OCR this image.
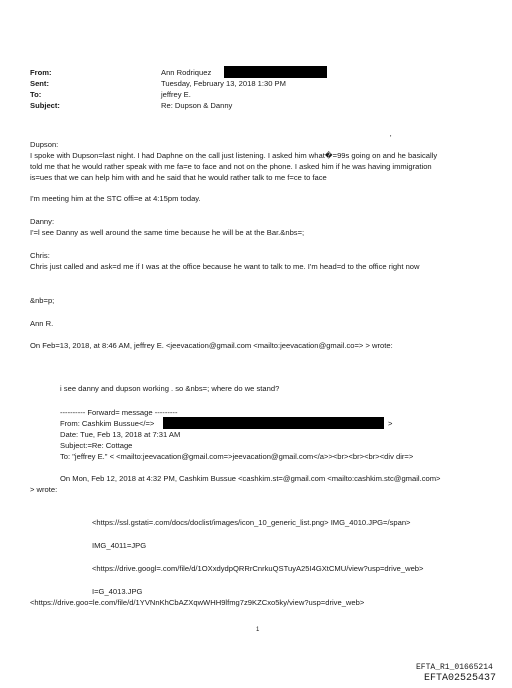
From:
Sent:
To:
Subject:
Ann Rodriquez
Tuesday, February 13, 2018 1:30 PM
jeffrey E.
Re: Dupson & Danny
'
Dupson:
I spoke with Dupson=last night. I had Daphne on the call just listening. I asked him what�=99s going on and he basically
told me that he would rather speak with me fa=e to face and not on the phone. I asked him if he was having immigration
is=ues that we can help him with and he said that he would rather talk to me f=ce to face
I'm meeting him at the STC offi=e at 4:15pm today.
Danny:
I'=l see Danny as well around the same time because he will be at the Bar.&nbs=;
Chris:
Chris just called and ask=d me if I was at the office because he want to talk to me. I'm head=d to the office right now
&nb=p;
Ann R.
On Feb=13, 2018, at 8:46 AM, jeffrey E. <jeevacation@gmail.com <mailto:jeevacation@gmail.co=> > wrote:
i see danny and dupson working . so &nbs=; where do we stand?
---------- Forward= message ---------
From: Cashkim Bussue</=>	>
Date: Tue, Feb 13, 2018 at 7:31 AM
Subject:=Re: Cottage
To: "jeffrey E." < <mailto:jeevacation@gmail.com=>jeevacation@gmail.com</a>><br><br><br><div dir=>
On Mon, Feb 12, 2018 at 4:32 PM, Cashkim Bussue <cashkim.st=@gmail.com <mailto:cashkim.stc@gmail.com>
> wrote:
<https://ssl.gstati=.com/docs/doclist/images/icon_10_generic_list.png> IMG_4010.JPG=/span>
IMG_4011=JPG
<https://drive.googl=.com/file/d/1OXxdydpQRRrCnrkuQSTuyA25I4GXtCMU/view?usp=drive_web>
I=G_4013.JPG
<https://drive.goo=le.com/file/d/1YVNnKhCbAZXqwWHH9lfmg7z9KZCxo5ky/view?usp=drive_web>
1
EFTA_R1_01665214
EFTA02525437
